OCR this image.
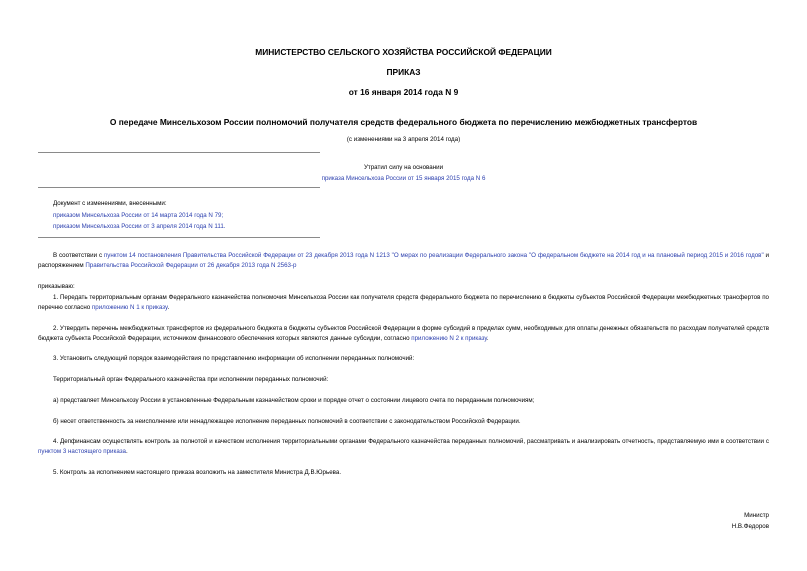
МИНИСТЕРСТВО СЕЛЬСКОГО ХОЗЯЙСТВА РОССИЙСКОЙ ФЕДЕРАЦИИ
ПРИКАЗ
от 16 января 2014 года N 9
О передаче Минсельхозом России полномочий получателя средств федерального бюджета по перечислению межбюджетных трансфертов
(с изменениями на 3 апреля 2014 года)
Утратил силу на основании
приказа Минсельхоза России от 15 января 2015 года N 6
Документ с изменениями, внесенными:
приказом Минсельхоза России от 14 марта 2014 года N 79;
приказом Минсельхоза России от 3 апреля 2014 года N 111.
В соответствии с пунктом 14 постановления Правительства Российской Федерации от 23 декабря 2013 года N 1213 "О мерах по реализации Федерального закона "О федеральном бюджете на 2014 год и на плановый период 2015 и 2016 годов" и распоряжением Правительства Российской Федерации от 26 декабря 2013 года N 2563-р
приказываю:
1. Передать территориальным органам Федерального казначейства полномочия Минсельхоза России как получателя средств федерального бюджета по перечислению в бюджеты субъектов Российской Федерации межбюджетных трансфертов по перечню согласно приложению N 1 к приказу.
2. Утвердить перечень межбюджетных трансфертов из федерального бюджета в бюджеты субъектов Российской Федерации в форме субсидий в пределах сумм, необходимых для оплаты денежных обязательств по расходам получателей средств бюджета субъекта Российской Федерации, источником финансового обеспечения которых являются данные субсидии, согласно приложению N 2 к приказу.
3. Установить следующий порядок взаимодействия по представлению информации об исполнении переданных полномочий:
Территориальный орган Федерального казначейства при исполнении переданных полномочий:
а) представляет Минсельхозу России в установленные Федеральным казначейством сроки и порядке отчет о состоянии лицевого счета по переданным полномочиям;
б) несет ответственность за неисполнение или ненадлежащее исполнение переданных полномочий в соответствии с законодательством Российской Федерации.
4. Депфинансам осуществлять контроль за полнотой и качеством исполнения территориальными органами Федерального казначейства переданных полномочий, рассматривать и анализировать отчетность, представляемую ими в соответствии с пунктом 3 настоящего приказа.
5. Контроль за исполнением настоящего приказа возложить на заместителя Министра Д.В.Юрьева.
Министр
Н.В.Федоров
